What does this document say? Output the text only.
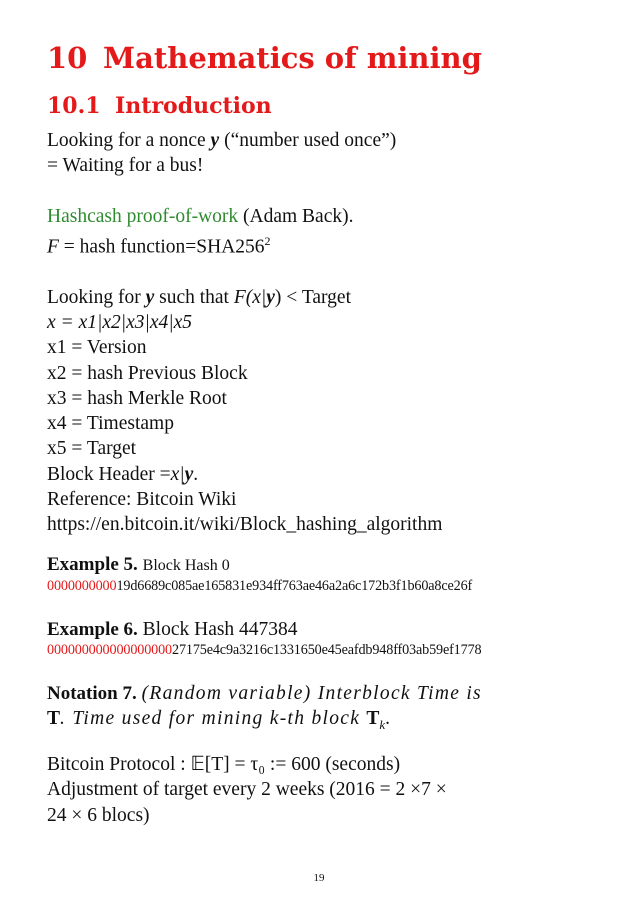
10 Mathematics of mining
10.1 Introduction
Looking for a nonce y (“number used once”)
= Waiting for a bus!
Hashcash proof-of-work (Adam Back).
F = hash $function=SHA256^2$
Looking for y such that F(x|y) < Target
x = x1|x2|x3|x4|x5
x1 = Version
x2 = hash Previous Block
x3 = hash Merkle Root
x4 = Timestamp
x5 = Target
Block Header =x|y.
Reference: Bitcoin Wiki
https://en.bitcoin.it/wiki/Block_hashing_algorithm
Example 5. Block Hash 0
000000000019d6689c085ae165831e934ff763ae46a2a6c172b3f1b60a8ce26f
Example 6. Block Hash 447384
00000000000000000027175e4c9a3216c1331650e45eafdb948ff03ab59ef1778
Notation 7. (Random variable) Interblock Time is
T. Time used for mining k-th block $T_k$.
Bitcoin Protocol : 𝔼[T] = τ₀ := 600 (seconds)
Adjustment of target every 2 weeks (2016 = 2 ×7 ×
24 × 6 blocs)
19
